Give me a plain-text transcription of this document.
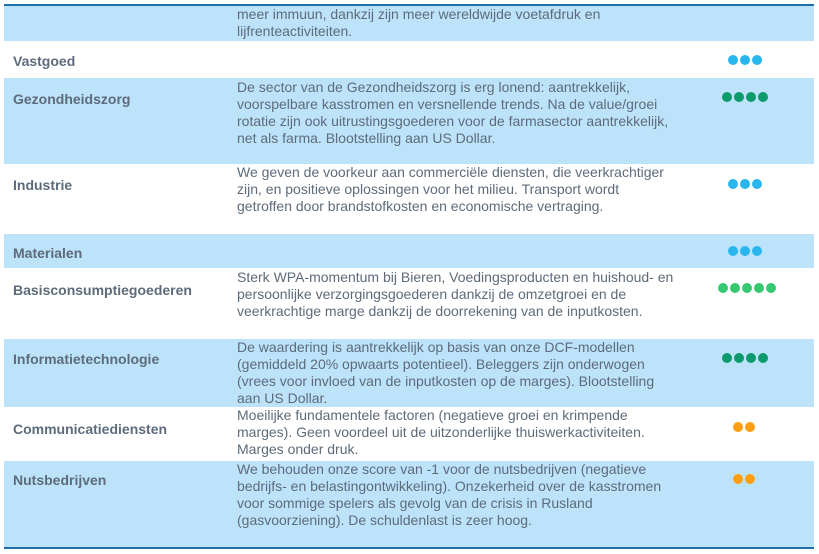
meer immuun, dankzij zijn meer wereldwijde voetafdruk en lijfrenteactiviteiten.
Vastgoed
Gezondheidszorg
De sector van de Gezondheidszorg is erg lonend: aantrekkelijk, voorspelbare kasstromen en versnellende trends. Na de value/groei rotatie zijn ook uitrustingsgoederen voor de farmasector aantrekkelijk, net als farma. Blootstelling aan US Dollar.
Industrie
We geven de voorkeur aan commerciële diensten, die veerkrachtiger zijn, en positieve oplossingen voor het milieu. Transport wordt getroffen door brandstofkosten en economische vertraging.
Materialen
Basisconsumptiegoederen
Sterk WPA-momentum bij Bieren, Voedingsproducten en huishoud- en persoonlijke verzorgingsgoederen dankzij de omzetgroei en de veerkrachtige marge dankzij de doorrekening van de inputkosten.
Informatietechnologie
De waardering is aantrekkelijk op basis van onze DCF-modellen (gemiddeld 20% opwaarts potentieel). Beleggers zijn onderwogen (vrees voor invloed van de inputkosten op de marges). Blootstelling aan US Dollar.
Communicatiediensten
Moeilijke fundamentele factoren (negatieve groei en krimpende marges). Geen voordeel uit de uitzonderlijke thuiswerkactiviteiten. Marges onder druk.
Nutsbedrijven
We behouden onze score van -1 voor de nutsbedrijven (negatieve bedrijfs- en belastingontwikkeling). Onzekerheid over de kasstromen voor sommige spelers als gevolg van de crisis in Rusland (gasvoorziening). De schuldenlast is zeer hoog.
